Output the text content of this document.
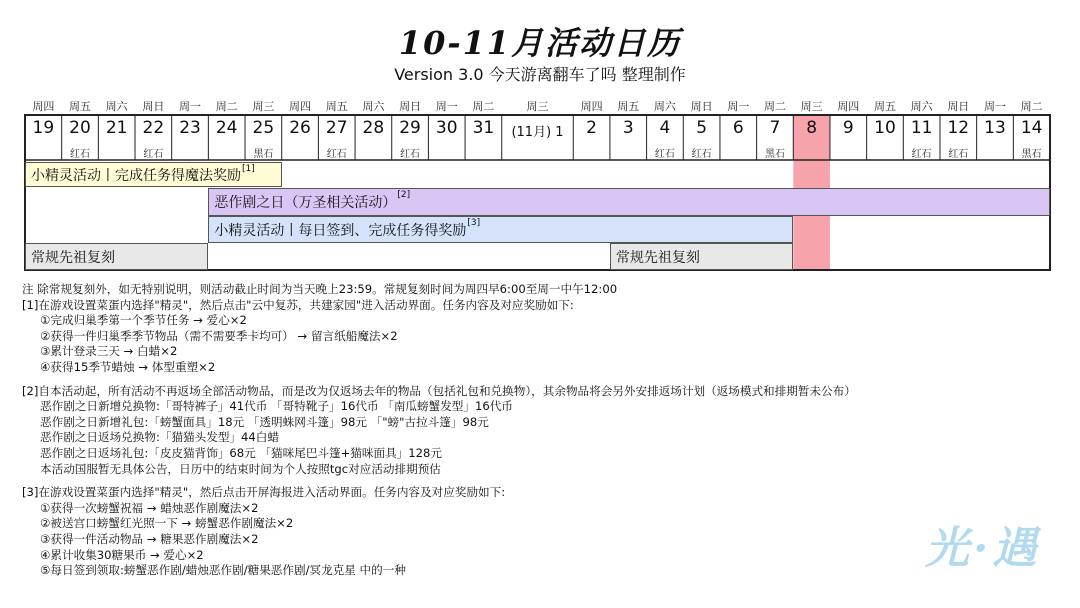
10-11月活动日历
Version 3.0 今天游离翻车了吗 整理制作
小精灵活动丨完成任务得魔法奖励[1]
恶作剧之日（万圣相关活动）[2]
小精灵活动丨每日签到、完成任务得奖励[3]
常规先祖复刻	常规先祖复刻
周四
19
周五
20
红石
周六
21
周日
22
红石
周一
23
周二
24
周三
25
黑石
周四
26
周五
27
红石
周六
28
周日
29
红石
周一
30
周二
31
周三
(11月) 1
周四
2
周五
3
周六
4
红石
周日
5
红石
周一
6
周二
7
黑石
周三
8
周四
9
周五
10
周六
11
红石
周日
12
红石
周一
13
周二
14
黑石

注 除常规复刻外，如无特别说明，则活动截止时间为当天晚上23:59。常规复刻时间为周四早6:00至周一中午12:00

[1]在游戏设置菜蛋内选择"精灵"，然后点击"云中复苏，共建家园"进入活动界面。任务内容及对应奖励如下:

①完成归巢季第一个季节任务 → 爱心×2

②获得一件归巢季季节物品（需不需要季卡均可） → 留言纸船魔法×2

③累计登录三天 → 白蜡×2

④获得15季节蜡烛 → 体型重塑×2

[2]自本活动起，所有活动不再返场全部活动物品，而是改为仅返场去年的物品（包括礼包和兑换物），其余物品将会另外安排返场计划（返场模式和排期暂未公布）

恶作剧之日新增兑换物:「哥特裤子」41代币 「哥特靴子」16代币 「南瓜螃蟹发型」16代币

恶作剧之日新增礼包:「螃蟹面具」18元 「透明蛛网斗篷」98元 「"螃"古拉斗篷」98元

恶作剧之日返场兑换物:「猫猫头发型」44白蜡

恶作剧之日返场礼包:「皮皮猫背饰」68元 「猫咪尾巴斗篷+猫咪面具」128元

本活动国服暂无具体公告，日历中的结束时间为个人按照tgc对应活动排期预估

[3]在游戏设置菜蛋内选择"精灵"，然后点击开屏海报进入活动界面。任务内容及对应奖励如下:

①获得一次螃蟹祝福 → 蜡烛恶作剧魔法×2

②被送宫口螃蟹红光照一下 → 螃蟹恶作剧魔法×2

③获得一件活动物品 → 糖果恶作剧魔法×2

④累计收集30糖果币 → 爱心×2

⑤每日签到领取:螃蟹恶作剧/蜡烛恶作剧/糖果恶作剧/冥龙克星 中的一种	光·遇
